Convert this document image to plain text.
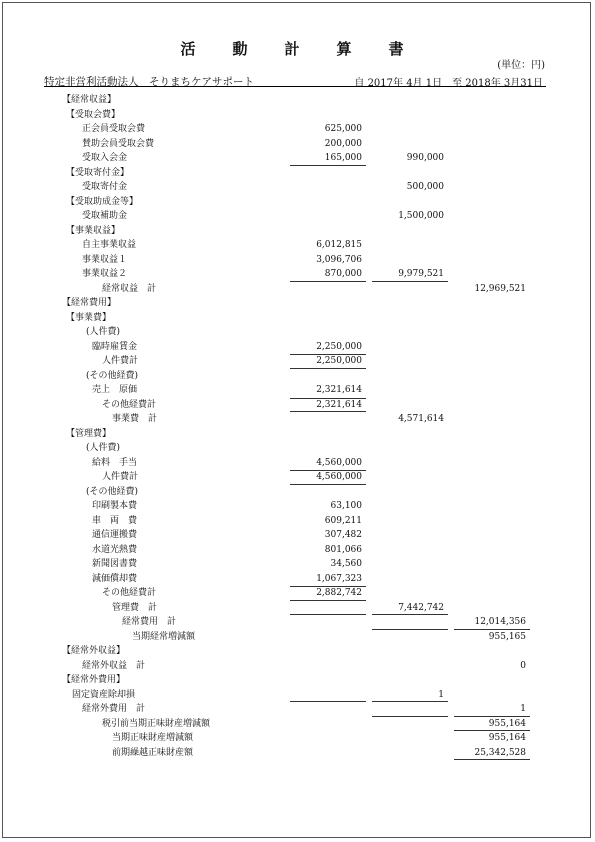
活　動　計　算　書
(単位：円)
特定非営利活動法人　そりまちケアサポート	自 2017年 4月 1日　至 2018年 3月31日
【経常収益】
【受取会費】
正会員受取会費	625,000
賛助会員受取会費	200,000
受取入会金	165,000	990,000
【受取寄付金】
受取寄付金	500,000
【受取助成金等】
受取補助金	1,500,000
【事業収益】
自主事業収益	6,012,815
事業収益１	3,096,706
事業収益２	870,000	9,979,521
経常収益　計	12,969,521
【経常費用】
【事業費】
(人件費)
臨時雇賃金	2,250,000
人件費計	2,250,000
(その他経費)
売上　原価	2,321,614
その他経費計	2,321,614
事業費　計	4,571,614
【管理費】
(人件費)
給料　手当	4,560,000
人件費計	4,560,000
(その他経費)
印刷製本費	63,100
車　両　費	609,211
通信運搬費	307,482
水道光熱費	801,066
新聞図書費	34,560
減価償却費	1,067,323
その他経費計	2,882,742
管理費　計	7,442,742
経常費用　計	12,014,356
当期経常増減額	955,165
【経常外収益】
経常外収益　計	0
【経常外費用】
固定資産除却損	1
経常外費用　計	1
税引前当期正味財産増減額	955,164
当期正味財産増減額	955,164
前期繰越正味財産額	25,342,528
